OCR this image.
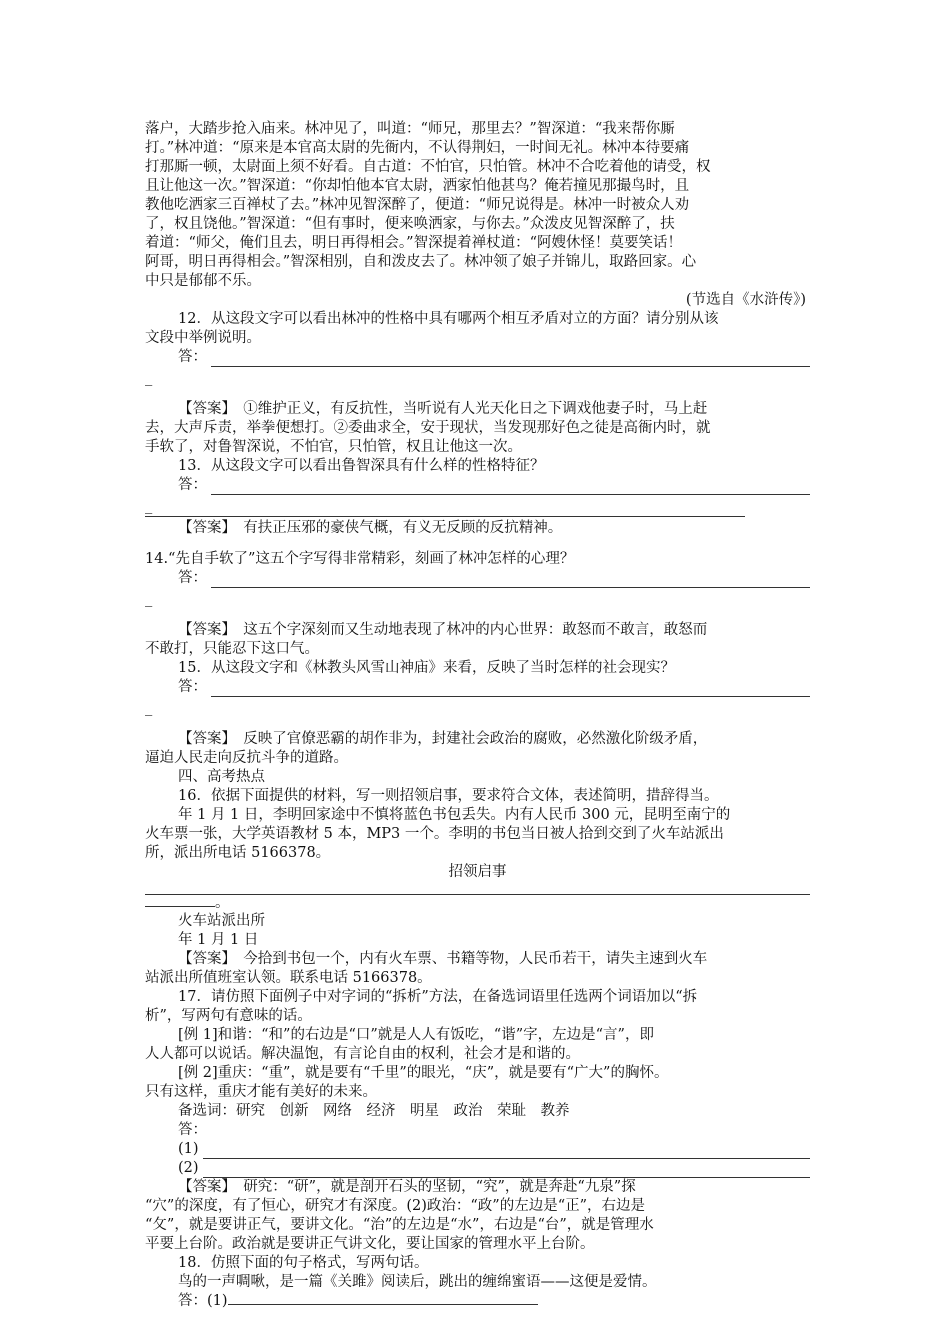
落户，大踏步抢入庙来。林冲见了，叫道：“师兄，那里去？”智深道：“我来帮你厮

打。”林冲道：“原来是本官高太尉的先衙内，不认得荆妇，一时间无礼。林冲本待要痛

打那厮一顿，太尉面上须不好看。自古道：不怕官，只怕管。林冲不合吃着他的请受，权

且让他这一次。”智深道：“你却怕他本官太尉，洒家怕他甚鸟？俺若撞见那撮鸟时，且

教他吃洒家三百禅杖了去。”林冲见智深醉了，便道：“师兄说得是。林冲一时被众人劝

了，权且饶他。”智深道：“但有事时，便来唤洒家，与你去。”众泼皮见智深醉了，扶

着道：“师父，俺们且去，明日再得相会。”智深提着禅杖道：“阿嫂休怪！莫要笑话！

阿哥，明日再得相会。”智深相别，自和泼皮去了。林冲领了娘子并锦儿，取路回家。心

中只是郁郁不乐。

(节选自《水浒传》)

12．从这段文字可以看出林冲的性格中具有哪两个相互矛盾对立的方面？请分别从该

文段中举例说明。

答：

_

【答案】　 ①维护正义，有反抗性，当听说有人光天化日之下调戏他妻子时，马上赶

去，大声斥责，举拳便想打。②委曲求全，安于现状，当发现那好色之徒是高衙内时，就

手软了，对鲁智深说，不怕官，只怕管，权且让他这一次。

13．从这段文字可以看出鲁智深具有什么样的性格特征？

答：

_

【答案】　 有扶正压邪的豪侠气概，有义无反顾的反抗精神。

14.“先自手软了”这五个字写得非常精彩，刻画了林冲怎样的心理？

答：

_

【答案】　 这五个字深刻而又生动地表现了林冲的内心世界：敢怒而不敢言，敢怒而

不敢打，只能忍下这口气。

15．从这段文字和《林教头风雪山神庙》来看，反映了当时怎样的社会现实？

答：

_

【答案】　 反映了官僚恶霸的胡作非为，封建社会政治的腐败，必然激化阶级矛盾，

逼迫人民走向反抗斗争的道路。

四、高考热点

16．依据下面提供的材料，写一则招领启事，要求符合文体，表述简明，措辞得当。

年 1 月 1 日，李明回家途中不慎将蓝色书包丢失。内有人民币 300 元，昆明至南宁的

火车票一张，大学英语教材 5 本，MP3 一个。李明的书包当日被人拾到交到了火车站派出

所，派出所电话 5166378。

招领启事

。

火车站派出所

年 1 月 1 日

【答案】　 今拾到书包一个，内有火车票、书籍等物，人民币若干，请失主速到火车

站派出所值班室认领。联系电话 5166378。

17．请仿照下面例子中对字词的“拆析”方法，在备选词语里任选两个词语加以“拆

析”，写两句有意味的话。

[例 1]和谐：“和”的右边是“口”就是人人有饭吃，“谐”字，左边是“言”，即

人人都可以说话。解决温饱，有言论自由的权利，社会才是和谐的。

[例 2]重庆：“重”，就是要有“千里”的眼光，“庆”，就是要有“广大”的胸怀。

只有这样，重庆才能有美好的未来。

备选词：研究　创新　网络　经济　明星　政治　荣耻　教养

答：

(1)
(2)

【答案】　 研究：“研”，就是剖开石头的坚韧，“究”，就是奔赴“九泉”探

“穴”的深度，有了恒心，研究才有深度。(2)政治：“政”的左边是“正”，右边是

“攵”，就是要讲正气，要讲文化。“治”的左边是“水”，右边是“台”，就是管理水

平要上台阶。政治就是要讲正气讲文化，要让国家的管理水平上台阶。

18．仿照下面的句子格式，写两句话。

鸟的一声啁啾，是一篇《关雎》阅读后，跳出的缠绵蜜语——这便是爱情。

答：(1)
